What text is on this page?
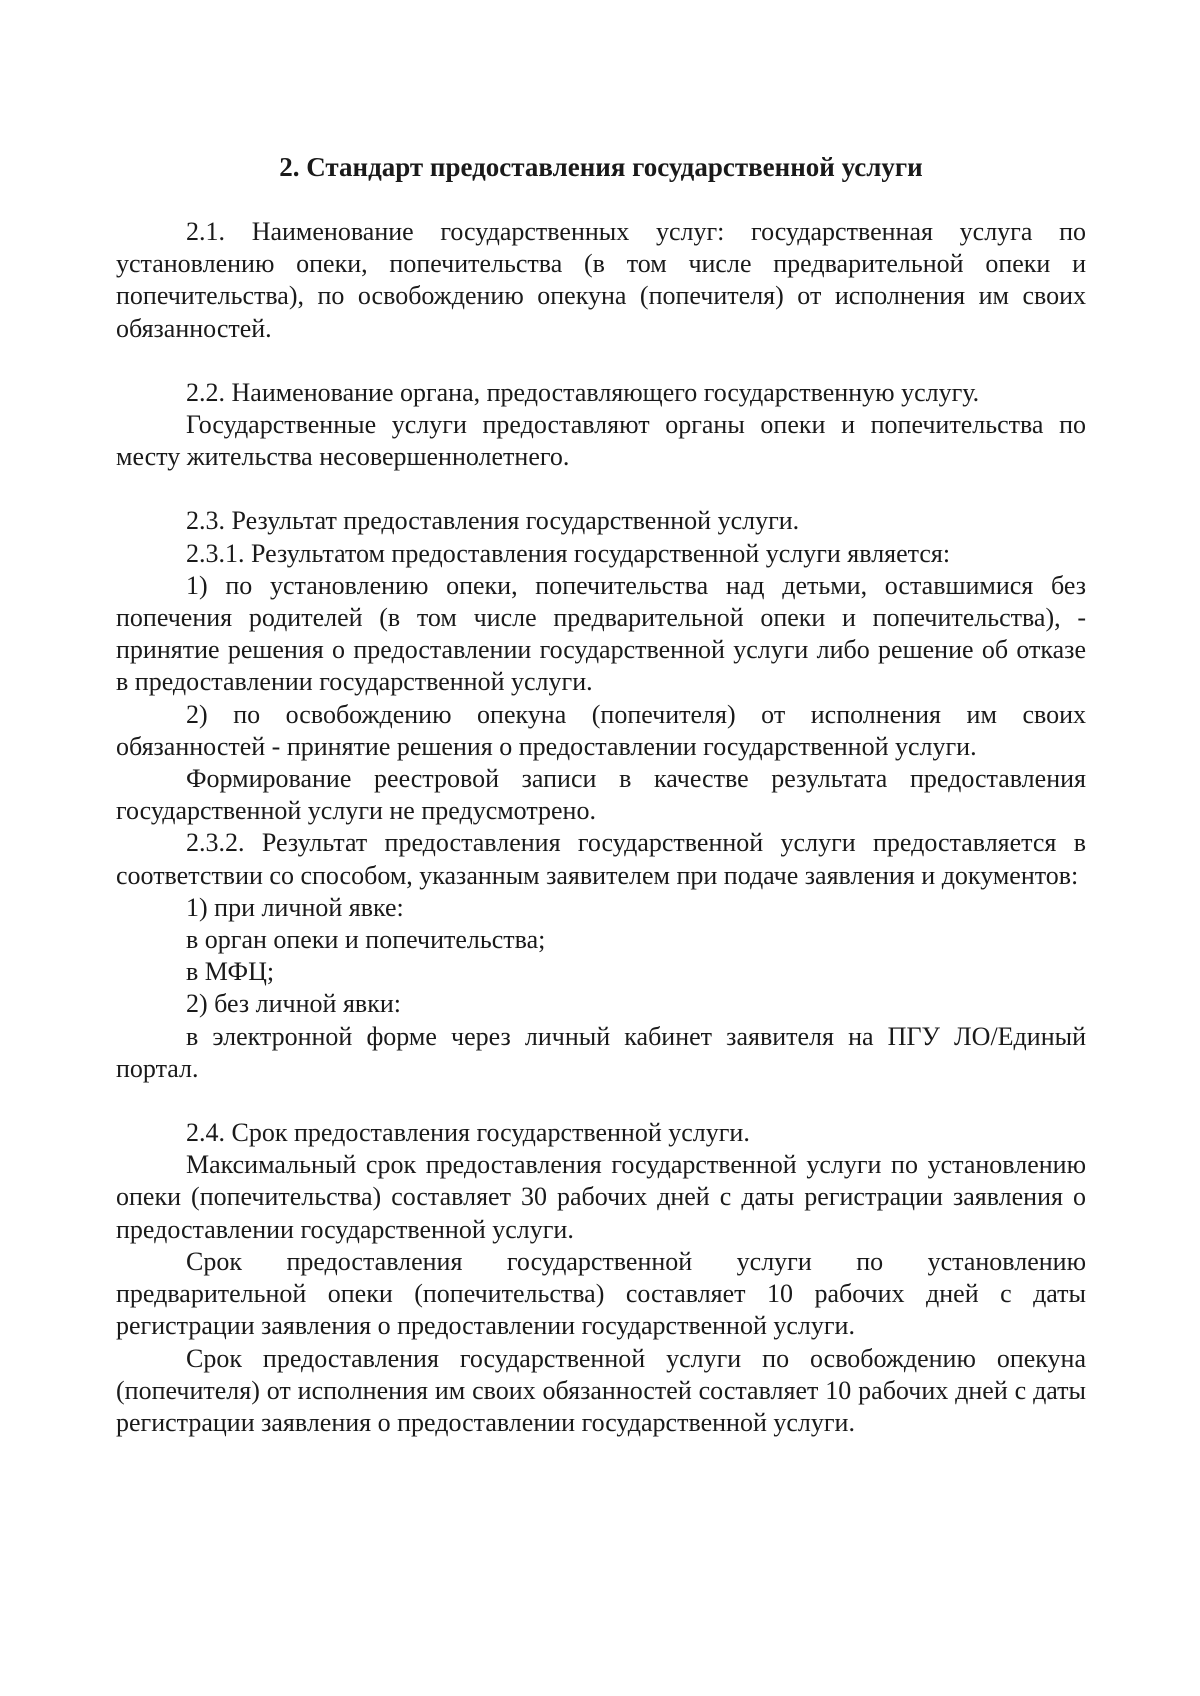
2. Стандарт предоставления государственной услуги

2.1. Наименование государственных услуг: государственная услуга по установлению опеки, попечительства (в том числе предварительной опеки и попечительства), по освобождению опекуна (попечителя) от исполнения им своих обязанностей.

2.2. Наименование органа, предоставляющего государственную услугу.

Государственные услуги предоставляют органы опеки и попечительства по месту жительства несовершеннолетнего.

2.3. Результат предоставления государственной услуги.

2.3.1. Результатом предоставления государственной услуги является:

1) по установлению опеки, попечительства над детьми, оставшимися без попечения родителей (в том числе предварительной опеки и попечительства), - принятие решения о предоставлении государственной услуги либо решение об отказе в предоставлении государственной услуги.

2) по освобождению опекуна (попечителя) от исполнения им своих обязанностей - принятие решения о предоставлении государственной услуги.

Формирование реестровой записи в качестве результата предоставления государственной услуги не предусмотрено.

2.3.2. Результат предоставления государственной услуги предоставляется в соответствии со способом, указанным заявителем при подаче заявления и документов:

1) при личной явке:

в орган опеки и попечительства;

в МФЦ;

2) без личной явки:

в электронной форме через личный кабинет заявителя на ПГУ ЛО/Единый портал.

2.4. Срок предоставления государственной услуги.

Максимальный срок предоставления государственной услуги по установлению опеки (попечительства) составляет 30 рабочих дней с даты регистрации заявления о предоставлении государственной услуги.

Срок предоставления государственной услуги по установлению предварительной опеки (попечительства) составляет 10 рабочих дней с даты регистрации заявления о предоставлении государственной услуги.

Срок предоставления государственной услуги по освобождению опекуна (попечителя) от исполнения им своих обязанностей составляет 10 рабочих дней с даты регистрации заявления о предоставлении государственной услуги.
